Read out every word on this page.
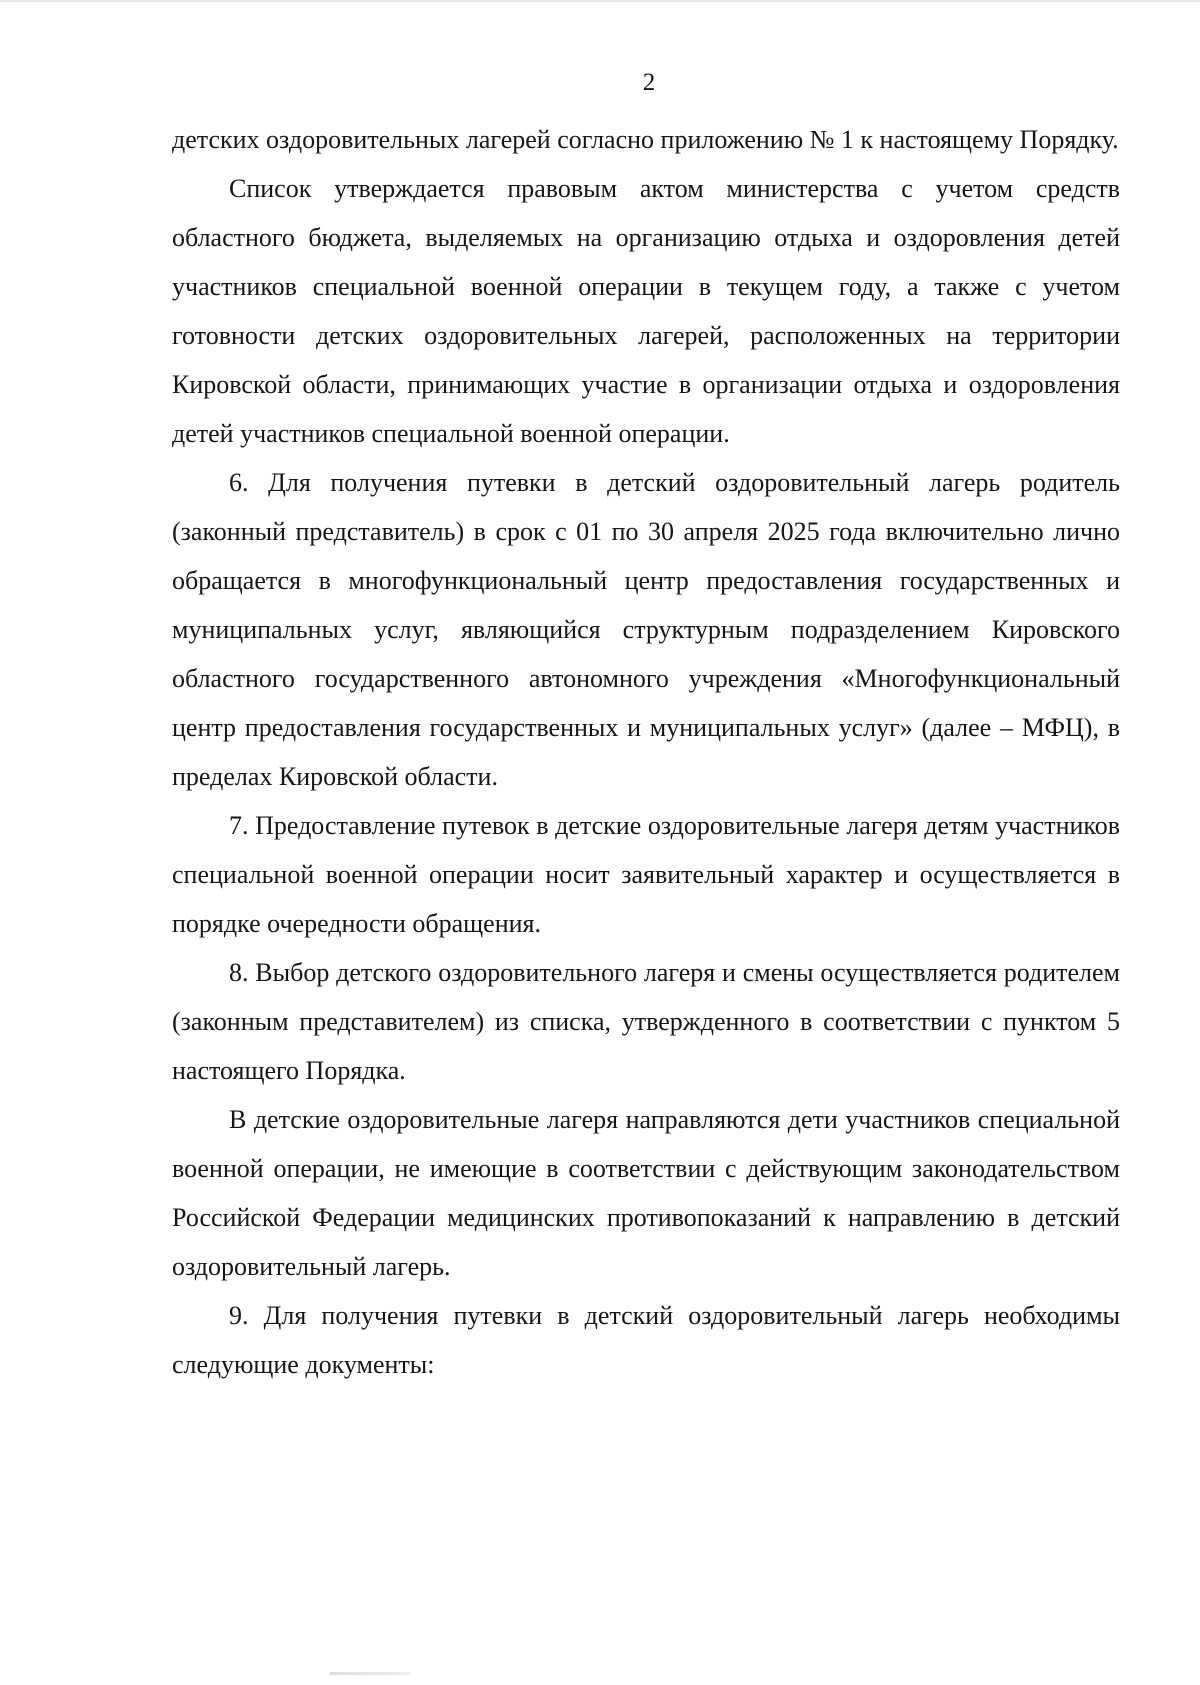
2

детских оздоровительных лагерей согласно приложению № 1 к настоящему Порядку.

Список утверждается правовым актом министерства с учетом средств областного бюджета, выделяемых на организацию отдыха и оздоровления детей участников специальной военной операции в текущем году, а также с учетом готовности детских оздоровительных лагерей, расположенных на территории Кировской области, принимающих участие в организации отдыха и оздоровления детей участников специальной военной операции.

6. Для получения путевки в детский оздоровительный лагерь родитель (законный представитель) в срок с 01 по 30 апреля 2025 года включительно лично обращается в многофункциональный центр предоставления государственных и муниципальных услуг, являющийся структурным подразделением Кировского областного государственного автономного учреждения «Многофункциональный центр предоставления государственных и муниципальных услуг» (далее – МФЦ), в пределах Кировской области.

7. Предоставление путевок в детские оздоровительные лагеря детям участников специальной военной операции носит заявительный характер и осуществляется в порядке очередности обращения.

8. Выбор детского оздоровительного лагеря и смены осуществляется родителем (законным представителем) из списка, утвержденного в соответствии с пунктом 5 настоящего Порядка.

В детские оздоровительные лагеря направляются дети участников специальной военной операции, не имеющие в соответствии с действующим законодательством Российской Федерации медицинских противопоказаний к направлению в детский оздоровительный лагерь.

9. Для получения путевки в детский оздоровительный лагерь необходимы следующие документы:
